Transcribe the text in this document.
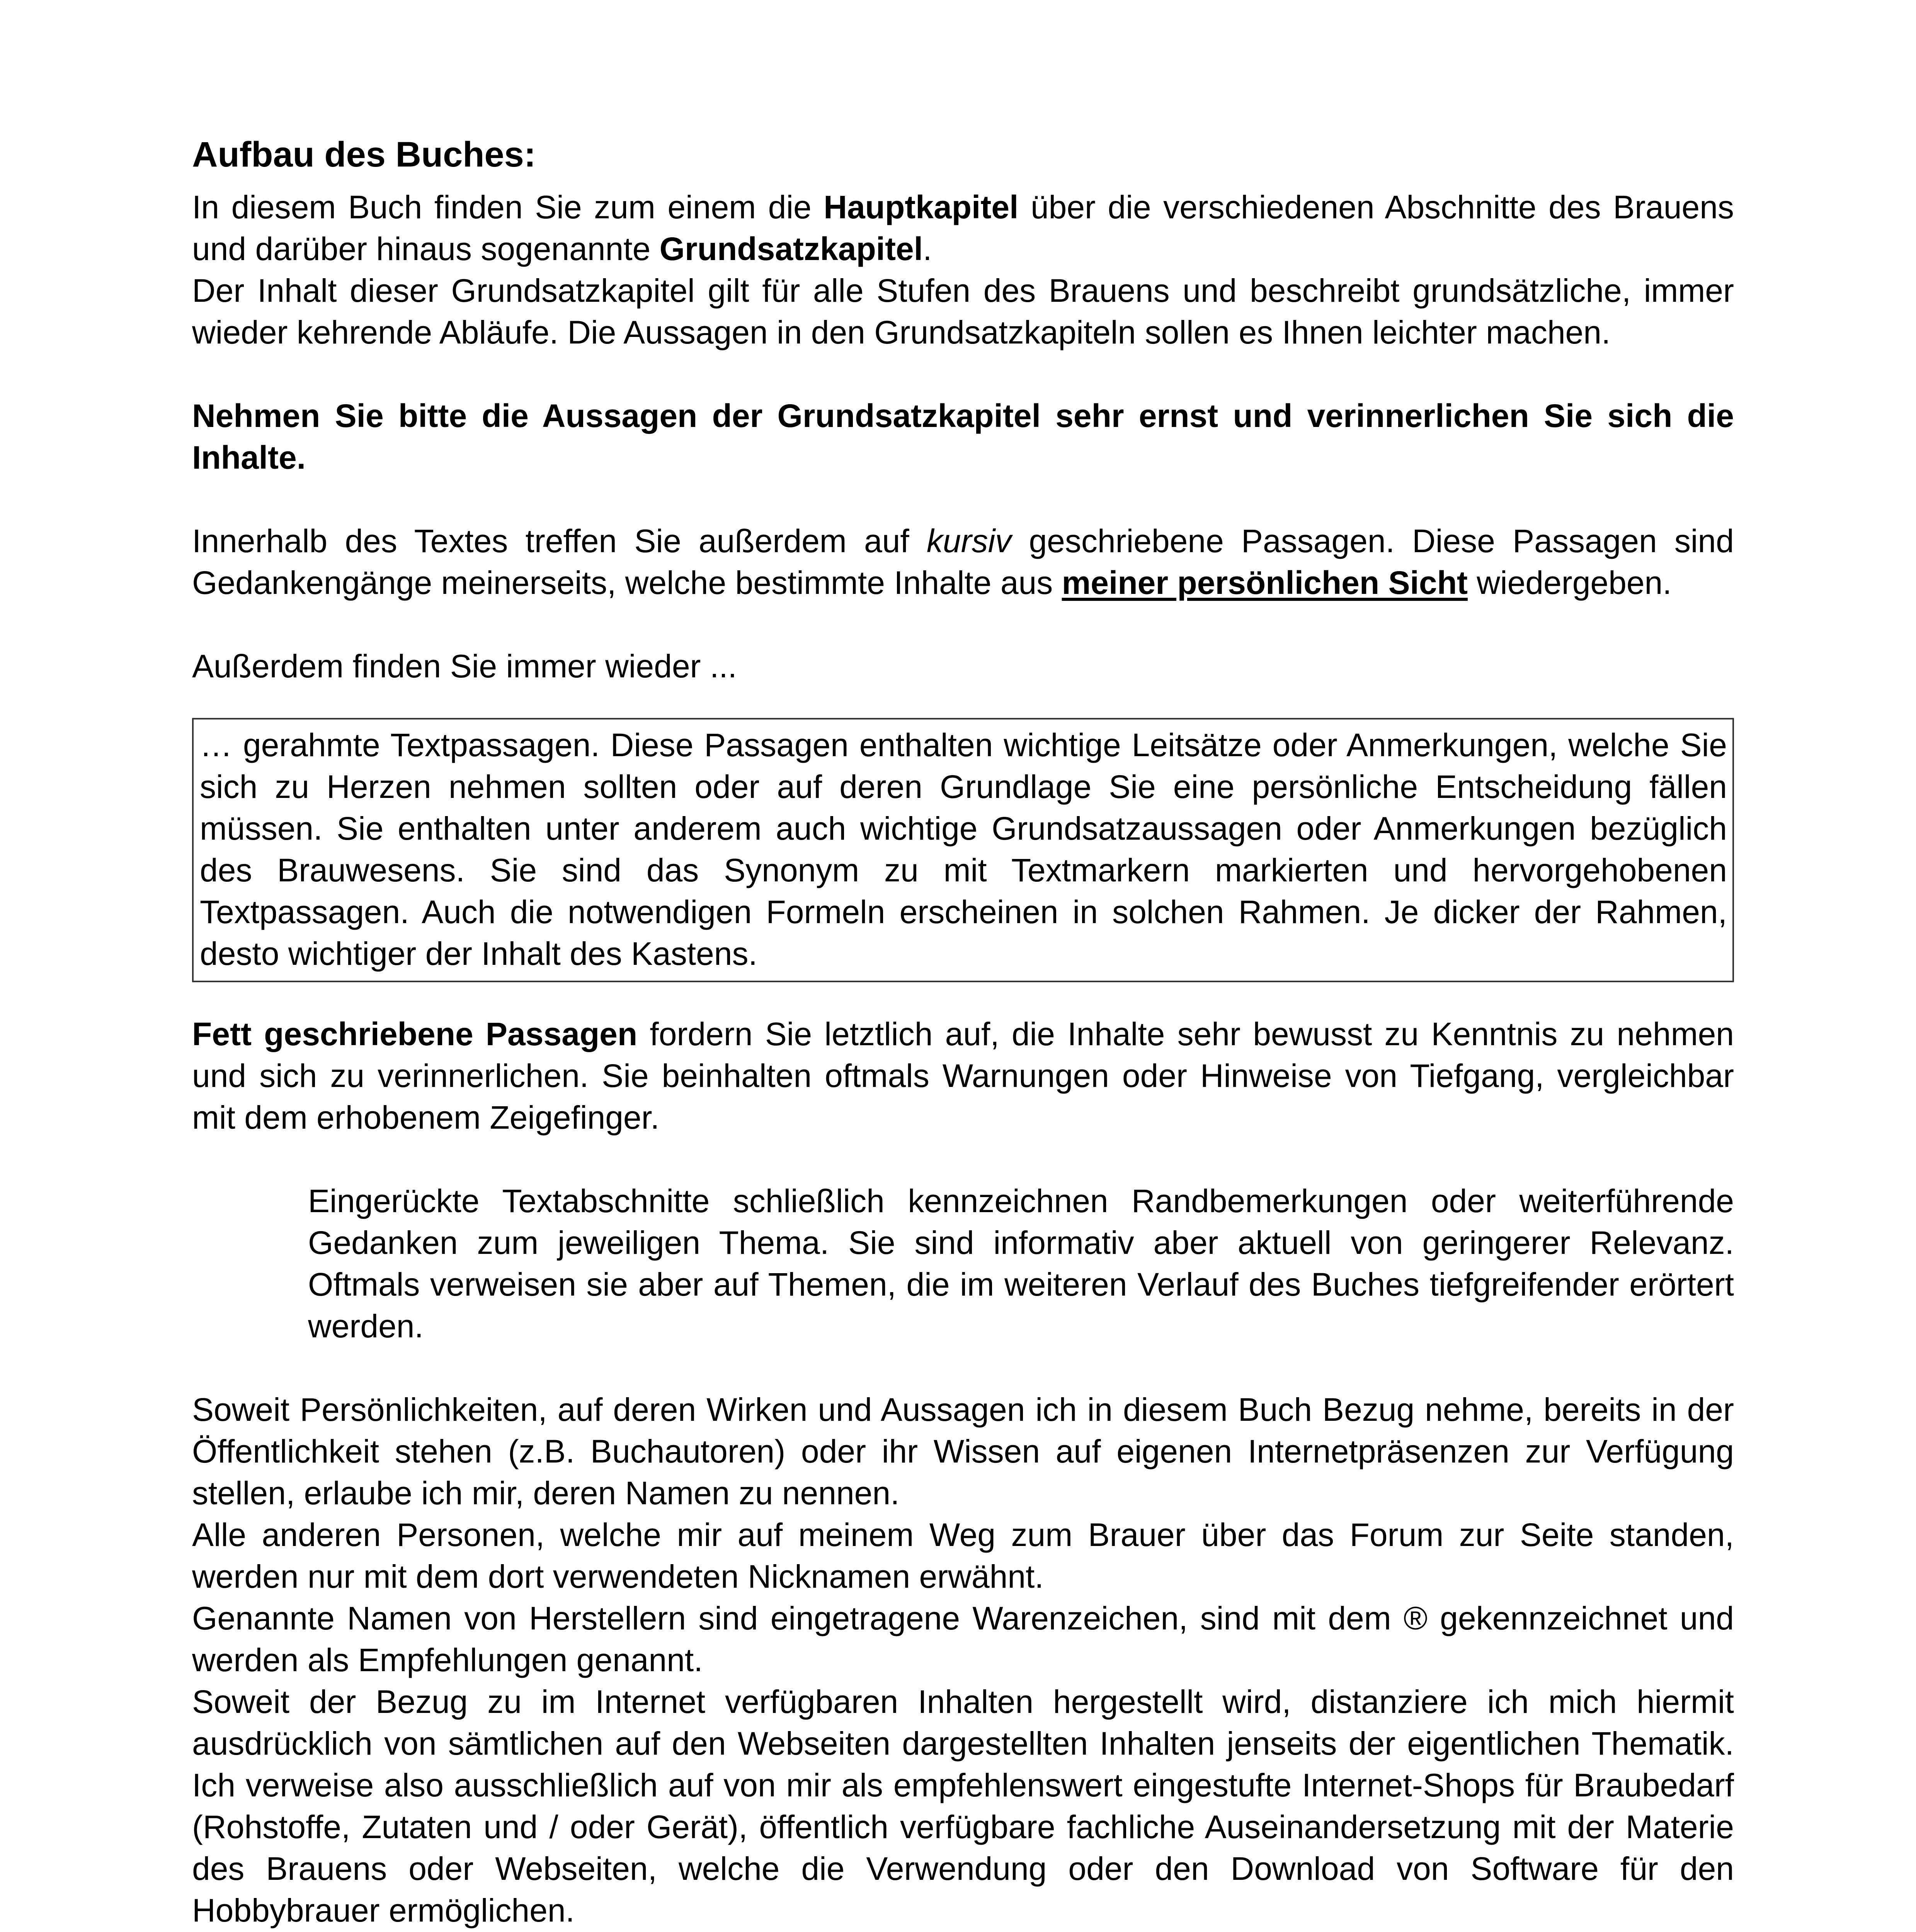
Aufbau des Buches:

In diesem Buch finden Sie zum einem die Hauptkapitel über die verschiedenen Abschnitte des Brauens und darüber hinaus sogenannte Grundsatzkapitel.

Der Inhalt dieser Grundsatzkapitel gilt für alle Stufen des Brauens und beschreibt grundsätzliche, immer wieder kehrende Abläufe. Die Aussagen in den Grundsatzkapiteln sollen es Ihnen leichter machen.

Nehmen Sie bitte die Aussagen der Grundsatzkapitel sehr ernst und verinnerlichen Sie sich die Inhalte.

Innerhalb des Textes treffen Sie außerdem auf kursiv geschriebene Passagen. Diese Passagen sind Gedankengänge meinerseits, welche bestimmte Inhalte aus meiner persönlichen Sicht wiedergeben.

Außerdem finden Sie immer wieder ...

… gerahmte Textpassagen. Diese Passagen enthalten wichtige Leitsätze oder Anmerkungen, welche Sie sich zu Herzen nehmen sollten oder auf deren Grundlage Sie eine persönliche Entscheidung fällen müssen. Sie enthalten unter anderem auch wichtige Grundsatzaussagen oder Anmerkungen bezüglich des Brauwesens. Sie sind das Synonym zu mit Textmarkern markierten und hervorgehobenen Textpassagen. Auch die notwendigen Formeln erscheinen in solchen Rahmen. Je dicker der Rahmen, desto wichtiger der Inhalt des Kastens.

Fett geschriebene Passagen fordern Sie letztlich auf, die Inhalte sehr bewusst zu Kenntnis zu nehmen und sich zu verinnerlichen. Sie beinhalten oftmals Warnungen oder Hinweise von Tiefgang, vergleichbar mit dem erhobenem Zeigefinger.

Eingerückte Textabschnitte schließlich kennzeichnen Randbemerkungen oder weiterführende Gedanken zum jeweiligen Thema. Sie sind informativ aber aktuell von geringerer Relevanz. Oftmals verweisen sie aber auf Themen, die im weiteren Verlauf des Buches tiefgreifender erörtert werden.

Soweit Persönlichkeiten, auf deren Wirken und Aussagen ich in diesem Buch Bezug nehme, bereits in der Öffentlichkeit stehen (z.B. Buchautoren) oder ihr Wissen auf eigenen Internetpräsenzen zur Verfügung stellen, erlaube ich mir, deren Namen zu nennen.

Alle anderen Personen, welche mir auf meinem Weg zum Brauer über das Forum zur Seite standen, werden nur mit dem dort verwendeten Nicknamen erwähnt.

Genannte Namen von Herstellern sind eingetragene Warenzeichen, sind mit dem ® gekennzeichnet und werden als Empfehlungen genannt.

Soweit der Bezug zu im Internet verfügbaren Inhalten hergestellt wird, distanziere ich mich hiermit ausdrücklich von sämtlichen auf den Webseiten dargestellten Inhalten jenseits der eigentlichen Thematik. Ich verweise also ausschließlich auf von mir als empfehlenswert eingestufte Internet-Shops für Braubedarf (Rohstoffe, Zutaten und / oder Gerät), öffentlich verfügbare fachliche Auseinandersetzung mit der Materie des Brauens oder Webseiten, welche die Verwendung oder den Download von Software für den Hobbybrauer ermöglichen.
